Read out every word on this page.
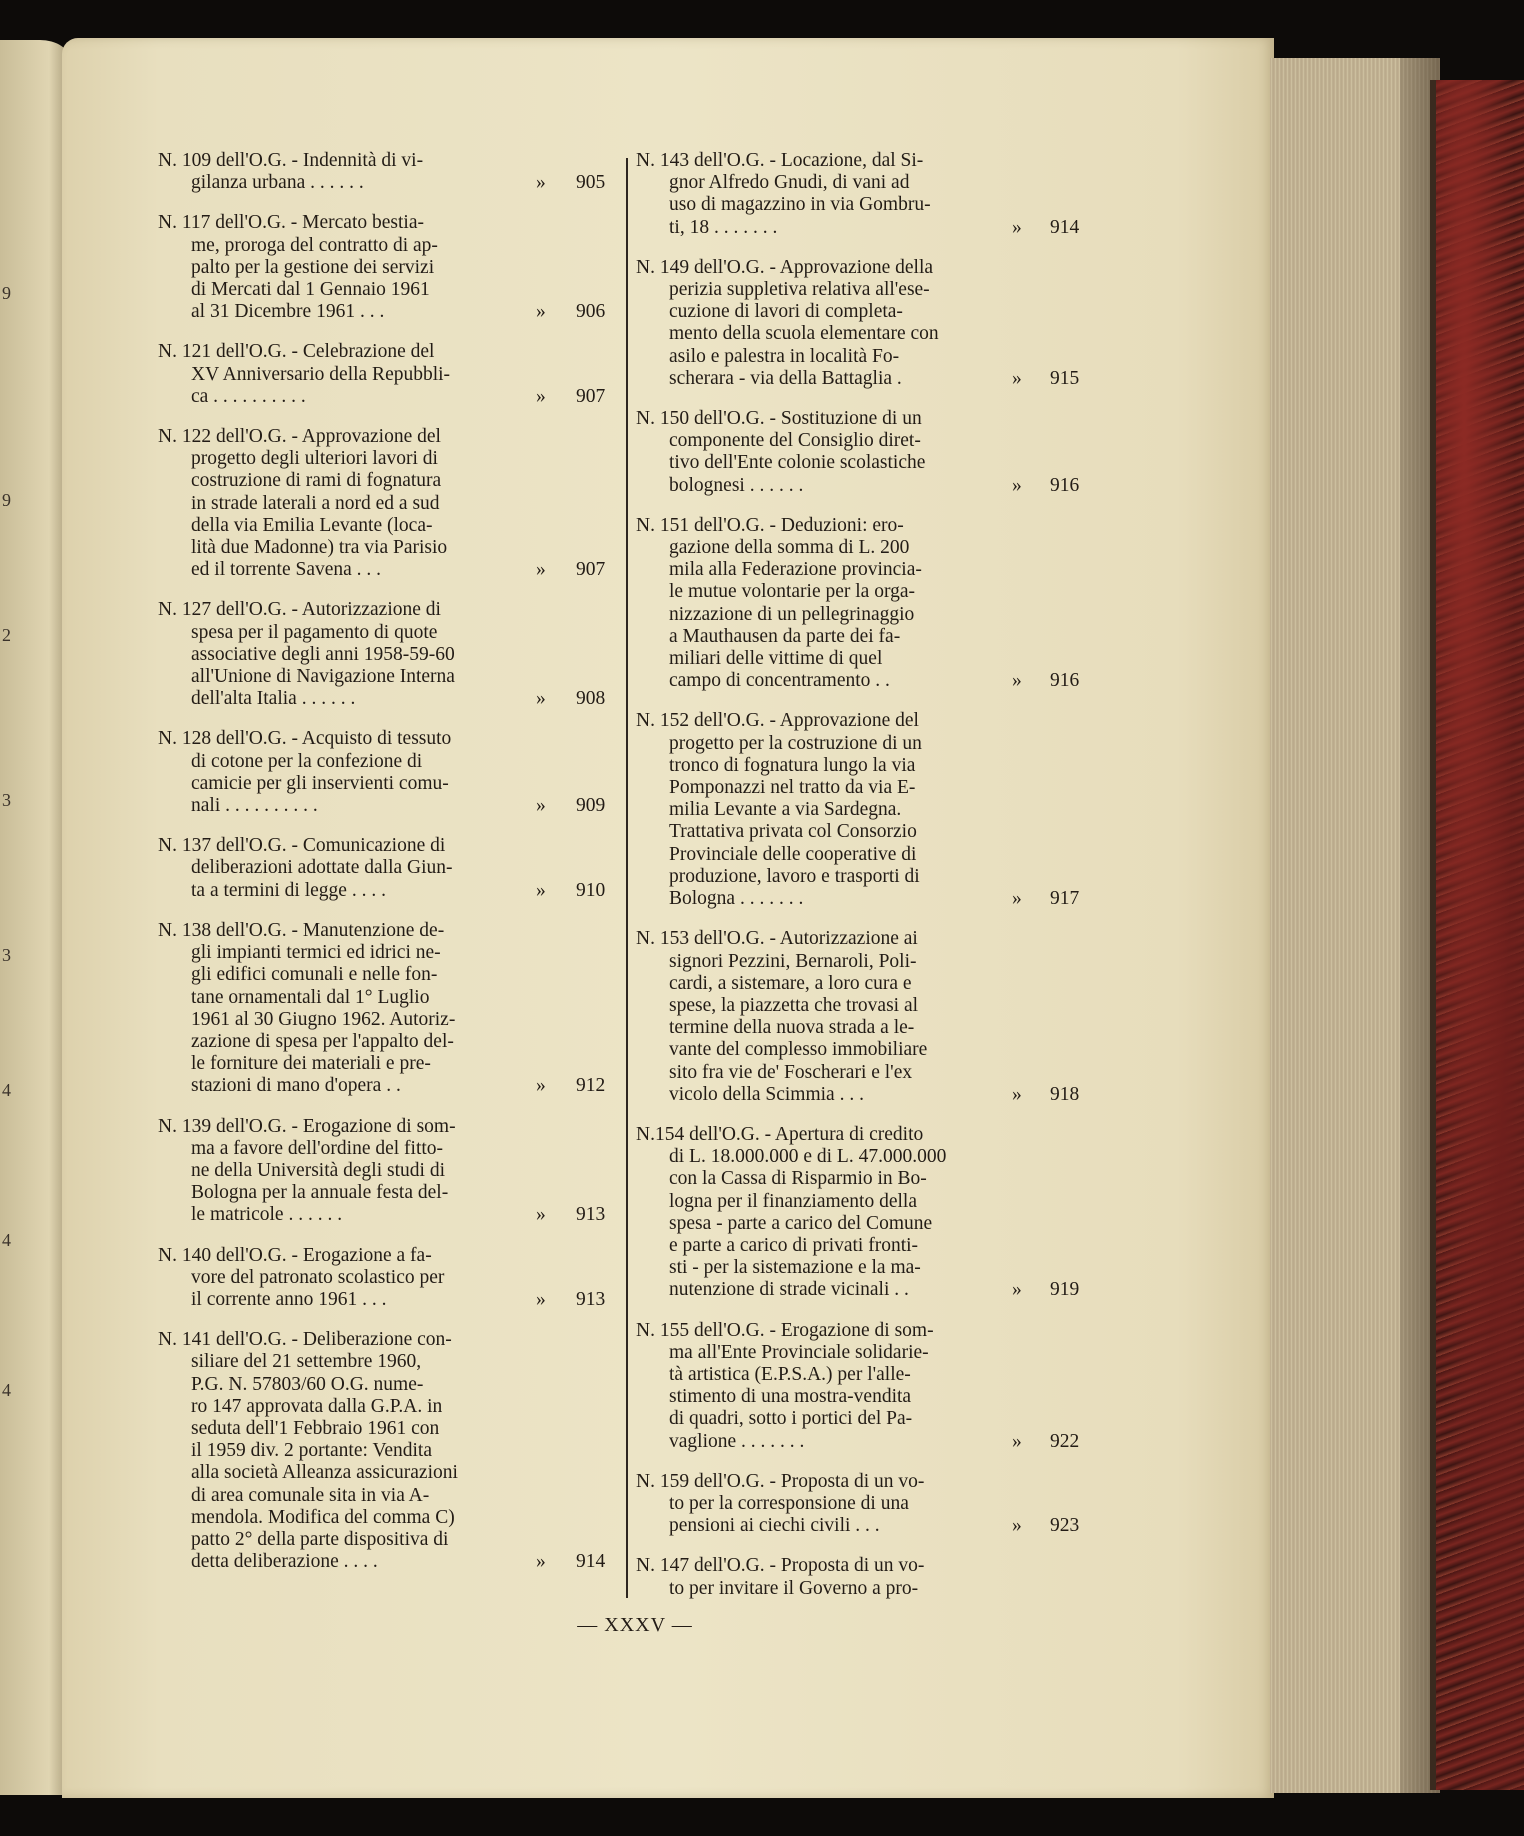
9
9
2
3
3
4
4
4
N. 109 dell'O.G. - Indennità di vi-
gilanza urbana . . . . . .	» 905
N. 117 dell'O.G. - Mercato bestia-
me, proroga del contratto di ap-
palto per la gestione dei servizi
di Mercati dal 1 Gennaio 1961
al 31 Dicembre 1961 . . .	» 906
N. 121 dell'O.G. - Celebrazione del
XV Anniversario della Repubbli-
ca . . . . . . . . . .	» 907
N. 122 dell'O.G. - Approvazione del
progetto degli ulteriori lavori di
costruzione di rami di fognatura
in strade laterali a nord ed a sud
della via Emilia Levante (loca-
lità due Madonne) tra via Parisio
ed il torrente Savena . . .	» 907
N. 127 dell'O.G. - Autorizzazione di
spesa per il pagamento di quote
associative degli anni 1958-59-60
all'Unione di Navigazione Interna
dell'alta Italia . . . . . .	» 908
N. 128 dell'O.G. - Acquisto di tessuto
di cotone per la confezione di
camicie per gli inservienti comu-
nali . . . . . . . . . .	» 909
N. 137 dell'O.G. - Comunicazione di
deliberazioni adottate dalla Giun-
ta a termini di legge . . . .	» 910
N. 138 dell'O.G. - Manutenzione de-
gli impianti termici ed idrici ne-
gli edifici comunali e nelle fon-
tane ornamentali dal 1° Luglio
1961 al 30 Giugno 1962. Autoriz-
zazione di spesa per l'appalto del-
le forniture dei materiali e pre-
stazioni di mano d'opera . .	» 912
N. 139 dell'O.G. - Erogazione di som-
ma a favore dell'ordine del fitto-
ne della Università degli studi di
Bologna per la annuale festa del-
le matricole . . . . . .	» 913
N. 140 dell'O.G. - Erogazione a fa-
vore del patronato scolastico per
il corrente anno 1961 . . .	» 913
N. 141 dell'O.G. - Deliberazione con-
siliare del 21 settembre 1960,
P.G. N. 57803/60 O.G. nume-
ro 147 approvata dalla G.P.A. in
seduta dell'1 Febbraio 1961 con
il 1959 div. 2 portante: Vendita
alla società Alleanza assicurazioni
di area comunale sita in via A-
mendola. Modifica del comma C)
patto 2° della parte dispositiva di
detta deliberazione . . . .	» 914
N. 143 dell'O.G. - Locazione, dal Si-
gnor Alfredo Gnudi, di vani ad
uso di magazzino in via Gombru-
ti, 18 . . . . . . .	» 914
N. 149 dell'O.G. - Approvazione della
perizia suppletiva relativa all'ese-
cuzione di lavori di completa-
mento della scuola elementare con
asilo e palestra in località Fo-
scherara - via della Battaglia .	» 915
N. 150 dell'O.G. - Sostituzione di un
componente del Consiglio diret-
tivo dell'Ente colonie scolastiche
bolognesi . . . . . .	» 916
N. 151 dell'O.G. - Deduzioni: ero-
gazione della somma di L. 200
mila alla Federazione provincia-
le mutue volontarie per la orga-
nizzazione di un pellegrinaggio
a Mauthausen da parte dei fa-
miliari delle vittime di quel
campo di concentramento . .	» 916
N. 152 dell'O.G. - Approvazione del
progetto per la costruzione di un
tronco di fognatura lungo la via
Pomponazzi nel tratto da via E-
milia Levante a via Sardegna.
Trattativa privata col Consorzio
Provinciale delle cooperative di
produzione, lavoro e trasporti di
Bologna . . . . . . .	» 917
N. 153 dell'O.G. - Autorizzazione ai
signori Pezzini, Bernaroli, Poli-
cardi, a sistemare, a loro cura e
spese, la piazzetta che trovasi al
termine della nuova strada a le-
vante del complesso immobiliare
sito fra vie de' Foscherari e l'ex
vicolo della Scimmia . . .	» 918
N.154 dell'O.G. - Apertura di credito
di L. 18.000.000 e di L. 47.000.000
con la Cassa di Risparmio in Bo-
logna per il finanziamento della
spesa - parte a carico del Comune
e parte a carico di privati fronti-
sti - per la sistemazione e la ma-
nutenzione di strade vicinali . .	» 919
N. 155 dell'O.G. - Erogazione di som-
ma all'Ente Provinciale solidarie-
tà artistica (E.P.S.A.) per l'alle-
stimento di una mostra-vendita
di quadri, sotto i portici del Pa-
vaglione . . . . . . .	» 922
N. 159 dell'O.G. - Proposta di un vo-
to per la corresponsione di una
pensioni ai ciechi civili . . .	» 923
N. 147 dell'O.G. - Proposta di un vo-
to per invitare il Governo a pro-
— XXXV —
